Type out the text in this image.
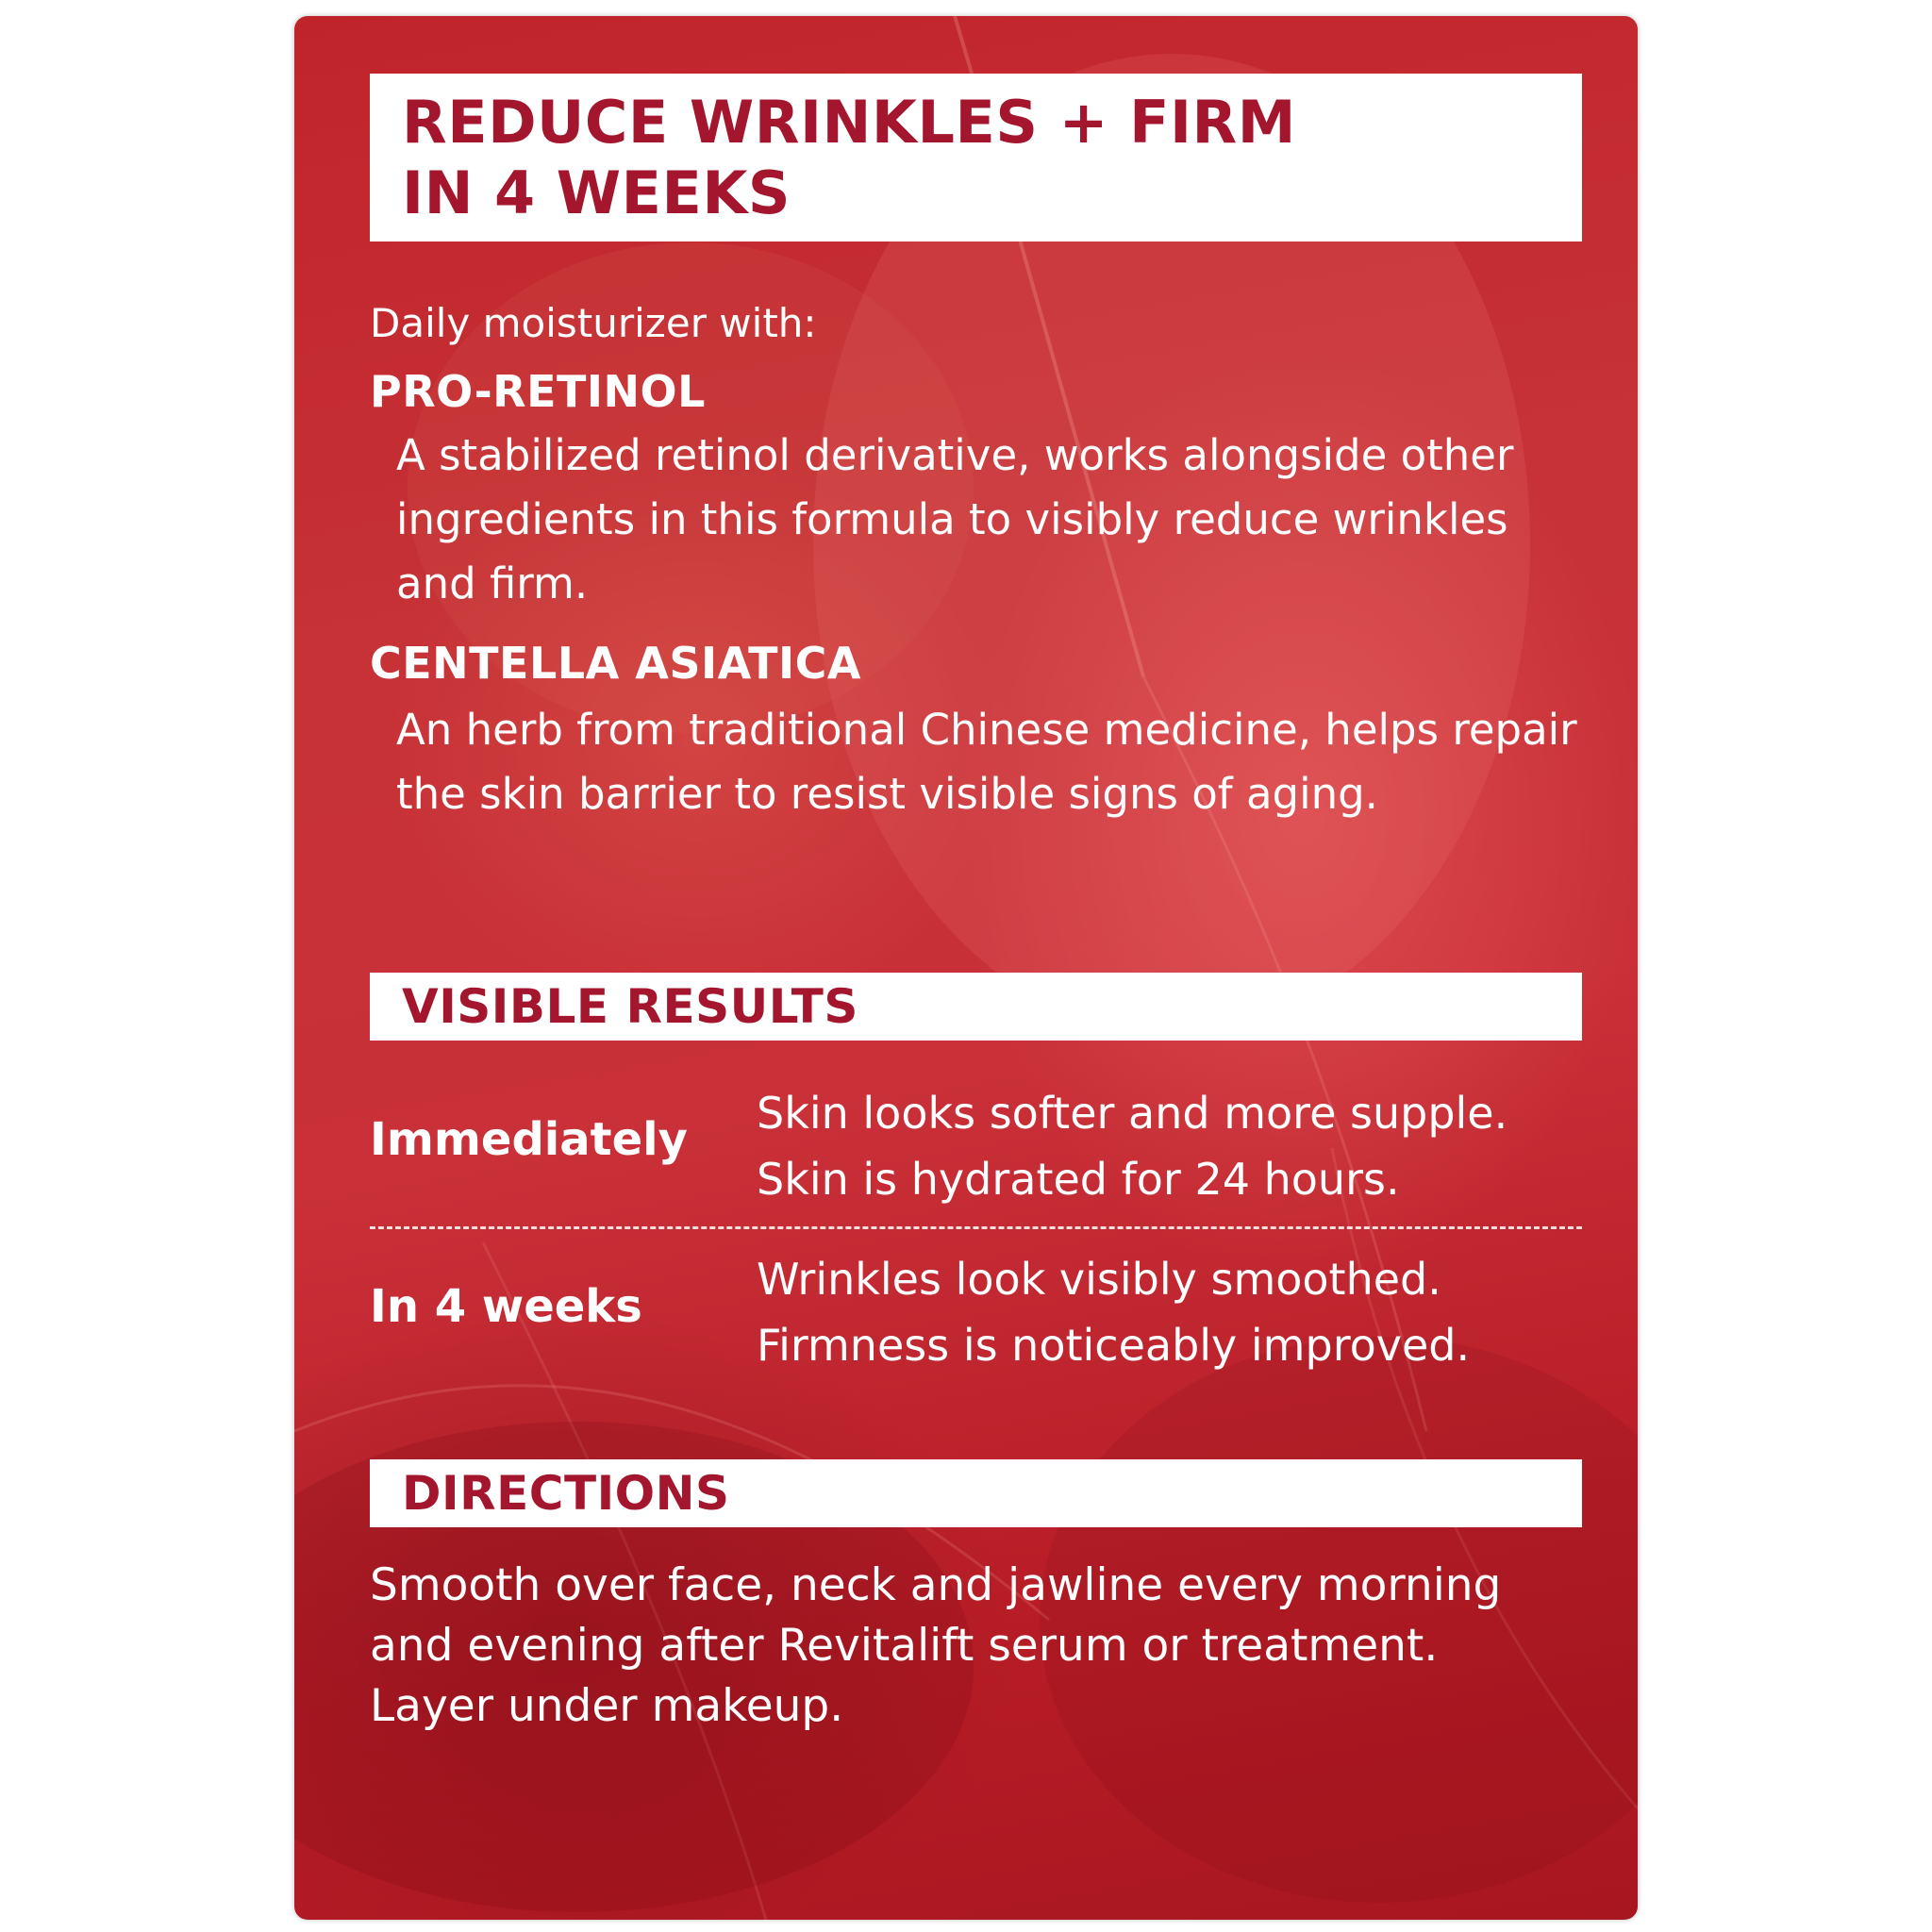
REDUCE WRINKLES + FIRM
IN 4 WEEKS
Daily moisturizer with:
PRO-RETINOL
A stabilized retinol derivative, works alongside other ingredients in this formula to visibly reduce wrinkles and firm.
CENTELLA ASIATICA
An herb from traditional Chinese medicine, helps repair the skin barrier to resist visible signs of aging.
VISIBLE RESULTS
Immediately Skin looks softer and more supple.
Skin is hydrated for 24 hours.
In 4 weeks
Wrinkles look visibly smoothed.
Firmness is noticeably improved.
DIRECTIONS
Smooth over face, neck and jawline every morning and evening after Revitalift serum or treatment. Layer under makeup.
